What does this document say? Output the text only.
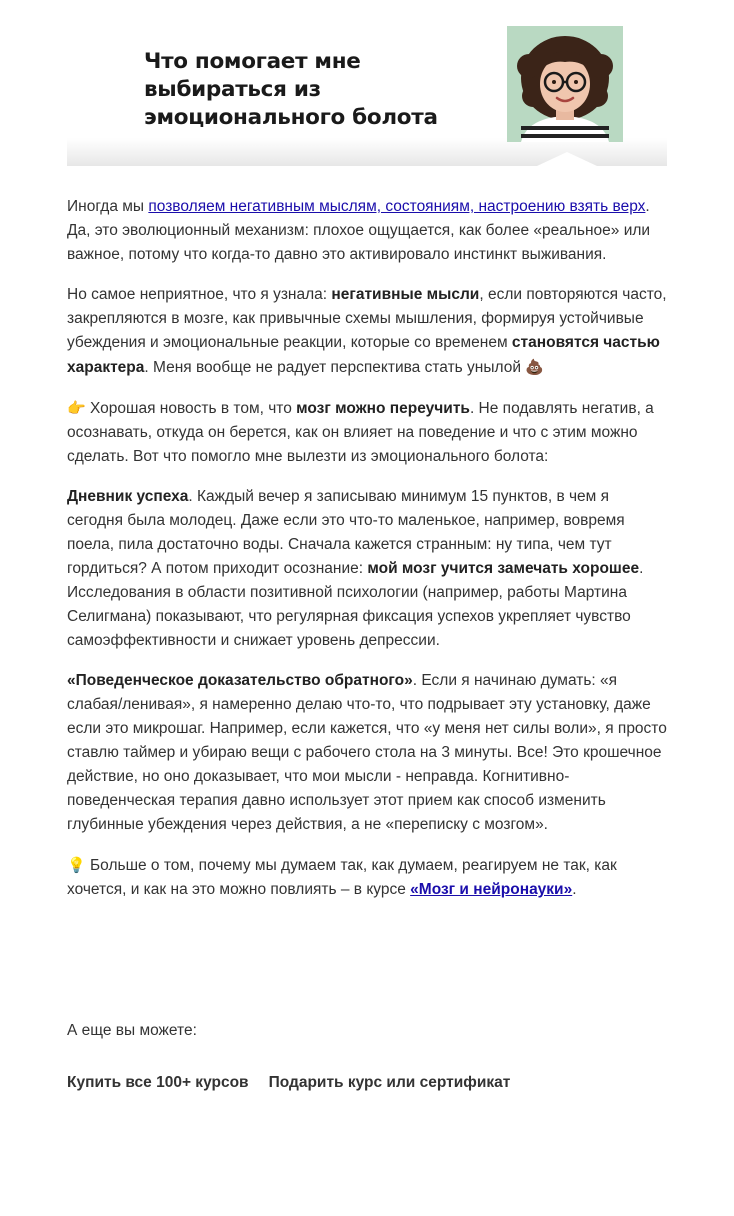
Что помогает мне
выбираться из
эмоционального болота

Иногда мы позволяем негативным мыслям, состояниям, настроению взять верх. Да, это эволюционный механизм: плохое ощущается, как более «реальное» или важное, потому что когда-то давно это активировало инстинкт выживания.

Но самое неприятное, что я узнала: негативные мысли, если повторяются часто, закрепляются в мозге, как привычные схемы мышления, формируя устойчивые убеждения и эмоциональные реакции, которые со временем становятся частью характера. Меня вообще не радует перспектива стать унылой 💩

👉 Хорошая новость в том, что мозг можно переучить. Не подавлять негатив, а осознавать, откуда он берется, как он влияет на поведение и что с этим можно сделать. Вот что помогло мне вылезти из эмоционального болота:

Дневник успеха. Каждый вечер я записываю минимум 15 пунктов, в чем я сегодня была молодец. Даже если это что-то маленькое, например, вовремя поела, пила достаточно воды. Сначала кажется странным: ну типа, чем тут гордиться? А потом приходит осознание: мой мозг учится замечать хорошее. Исследования в области позитивной психологии (например, работы Мартина Селигмана) показывают, что регулярная фиксация успехов укрепляет чувство самоэффективности и снижает уровень депрессии.

«Поведенческое доказательство обратного». Если я начинаю думать: «я слабая/ленивая», я намеренно делаю что-то, что подрывает эту установку, даже если это микрошаг. Например, если кажется, что «у меня нет силы воли», я просто ставлю таймер и убираю вещи с рабочего стола на 3 минуты. Все! Это крошечное действие, но оно доказывает, что мои мысли - неправда. Когнитивно-поведенческая терапия давно использует этот прием как способ изменить глубинные убеждения через действия, а не «переписку с мозгом».

💡 Больше о том, почему мы думаем так, как думаем, реагируем не так, как хочется, и как на это можно повлиять – в курсе «Мозг и нейронауки».

А еще вы можете:
Купить все 100+ курсов Подарить курс или сертификат
